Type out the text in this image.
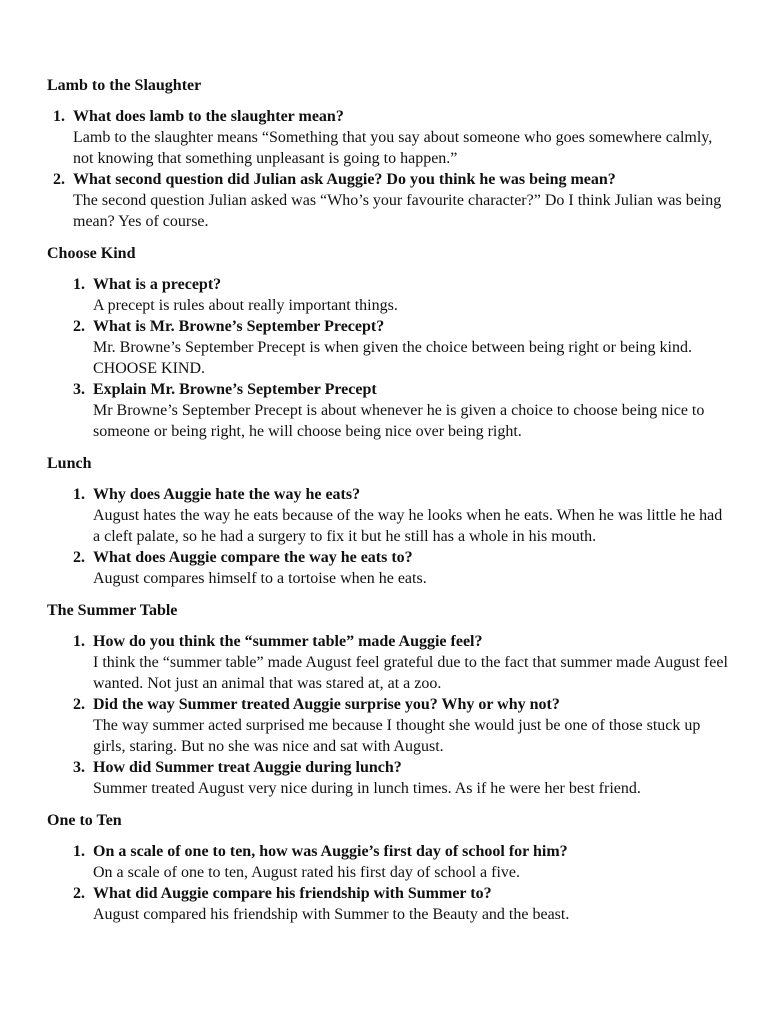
Lamb to the Slaughter
1. What does lamb to the slaughter mean?
Lamb to the slaughter means “Something that you say about someone who goes somewhere calmly, not knowing that something unpleasant is going to happen.”
2. What second question did Julian ask Auggie? Do you think he was being mean?
The second question Julian asked was “Who’s your favourite character?” Do I think Julian was being mean? Yes of course.
Choose Kind
1. What is a precept?
A precept is rules about really important things.
2. What is Mr. Browne’s September Precept?
Mr. Browne’s September Precept is when given the choice between being right or being kind. CHOOSE KIND.
3. Explain Mr. Browne’s September Precept
Mr Browne’s September Precept is about whenever he is given a choice to choose being nice to someone or being right, he will choose being nice over being right.
Lunch
1. Why does Auggie hate the way he eats?
August hates the way he eats because of the way he looks when he eats. When he was little he had a cleft palate, so he had a surgery to fix it but he still has a whole in his mouth.
2. What does Auggie compare the way he eats to?
August compares himself to a tortoise when he eats.
The Summer Table
1. How do you think the “summer table” made Auggie feel?
I think the “summer table” made August feel grateful due to the fact that summer made August feel wanted. Not just an animal that was stared at, at a zoo.
2. Did the way Summer treated Auggie surprise you? Why or why not?
The way summer acted surprised me because I thought she would just be one of those stuck up girls, staring. But no she was nice and sat with August.
3. How did Summer treat Auggie during lunch?
Summer treated August very nice during in lunch times. As if he were her best friend.
One to Ten
1. On a scale of one to ten, how was Auggie’s first day of school for him?
On a scale of one to ten, August rated his first day of school a five.
2. What did Auggie compare his friendship with Summer to?
August compared his friendship with Summer to the Beauty and the beast.
